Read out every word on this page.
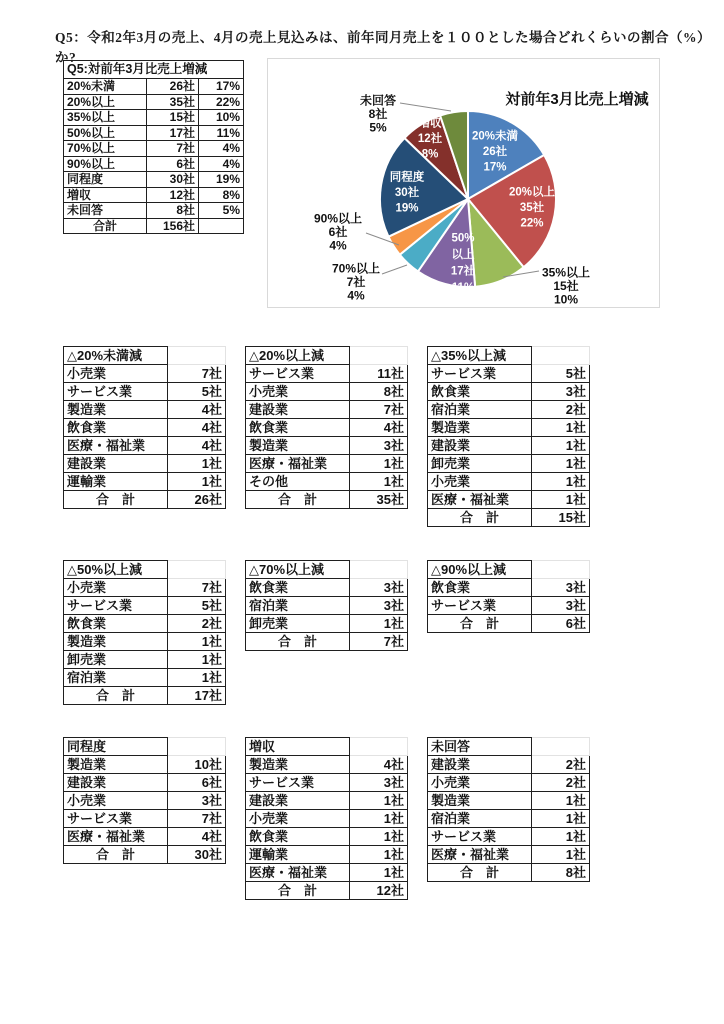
Q5：令和2年3月の売上、4月の売上見込みは、前年同月売上を１００とした場合どれくらいの割合（%）か?
Q5:対前年3月比売上増減		
20%未満	26社	17%
20%以上	35社	22%
35%以上	15社	10%
50%以上	17社	11%
70%以上	7社	4%
90%以上	6社	4%
同程度	30社	19%
増収	12社	8%
未回答	8社	5%
合計	156社	
20%未満 26社 17%
20%以上 35社 22%
35%以上 15社 10%
50%以上 17社 11%
70%以上 7社 4%
90%以上 6社 4%
同程度 30社 19%
増収 12社 8%
未回答 8社 5%
対前年3月比売上増減
△20%未満減	
小売業	7社
サービス業	5社
製造業	4社
飲食業	4社
医療・福祉業	4社
建設業	1社
運輸業	1社
合　計	26社
△20%以上減	
サービス業	11社
小売業	8社
建設業	7社
飲食業	4社
製造業	3社
医療・福祉業	1社
その他	1社
合　計	35社
△35%以上減	
サービス業	5社
飲食業	3社
宿泊業	2社
製造業	1社
建設業	1社
卸売業	1社
小売業	1社
医療・福祉業	1社
合　計	15社
△50%以上減	
小売業	7社
サービス業	5社
飲食業	2社
製造業	1社
卸売業	1社
宿泊業	1社
合　計	17社
△70%以上減	
飲食業	3社
宿泊業	3社
卸売業	1社
合　計	7社
△90%以上減	
飲食業	3社
サービス業	3社
合　計	6社
同程度	
製造業	10社
建設業	6社
小売業	3社
サービス業	7社
医療・福祉業	4社
合　計	30社
増収	
製造業	4社
サービス業	3社
建設業	1社
小売業	1社
飲食業	1社
運輸業	1社
医療・福祉業	1社
合　計	12社
未回答	
建設業	2社
小売業	2社
製造業	1社
宿泊業	1社
サービス業	1社
医療・福祉業	1社
合　計	8社
